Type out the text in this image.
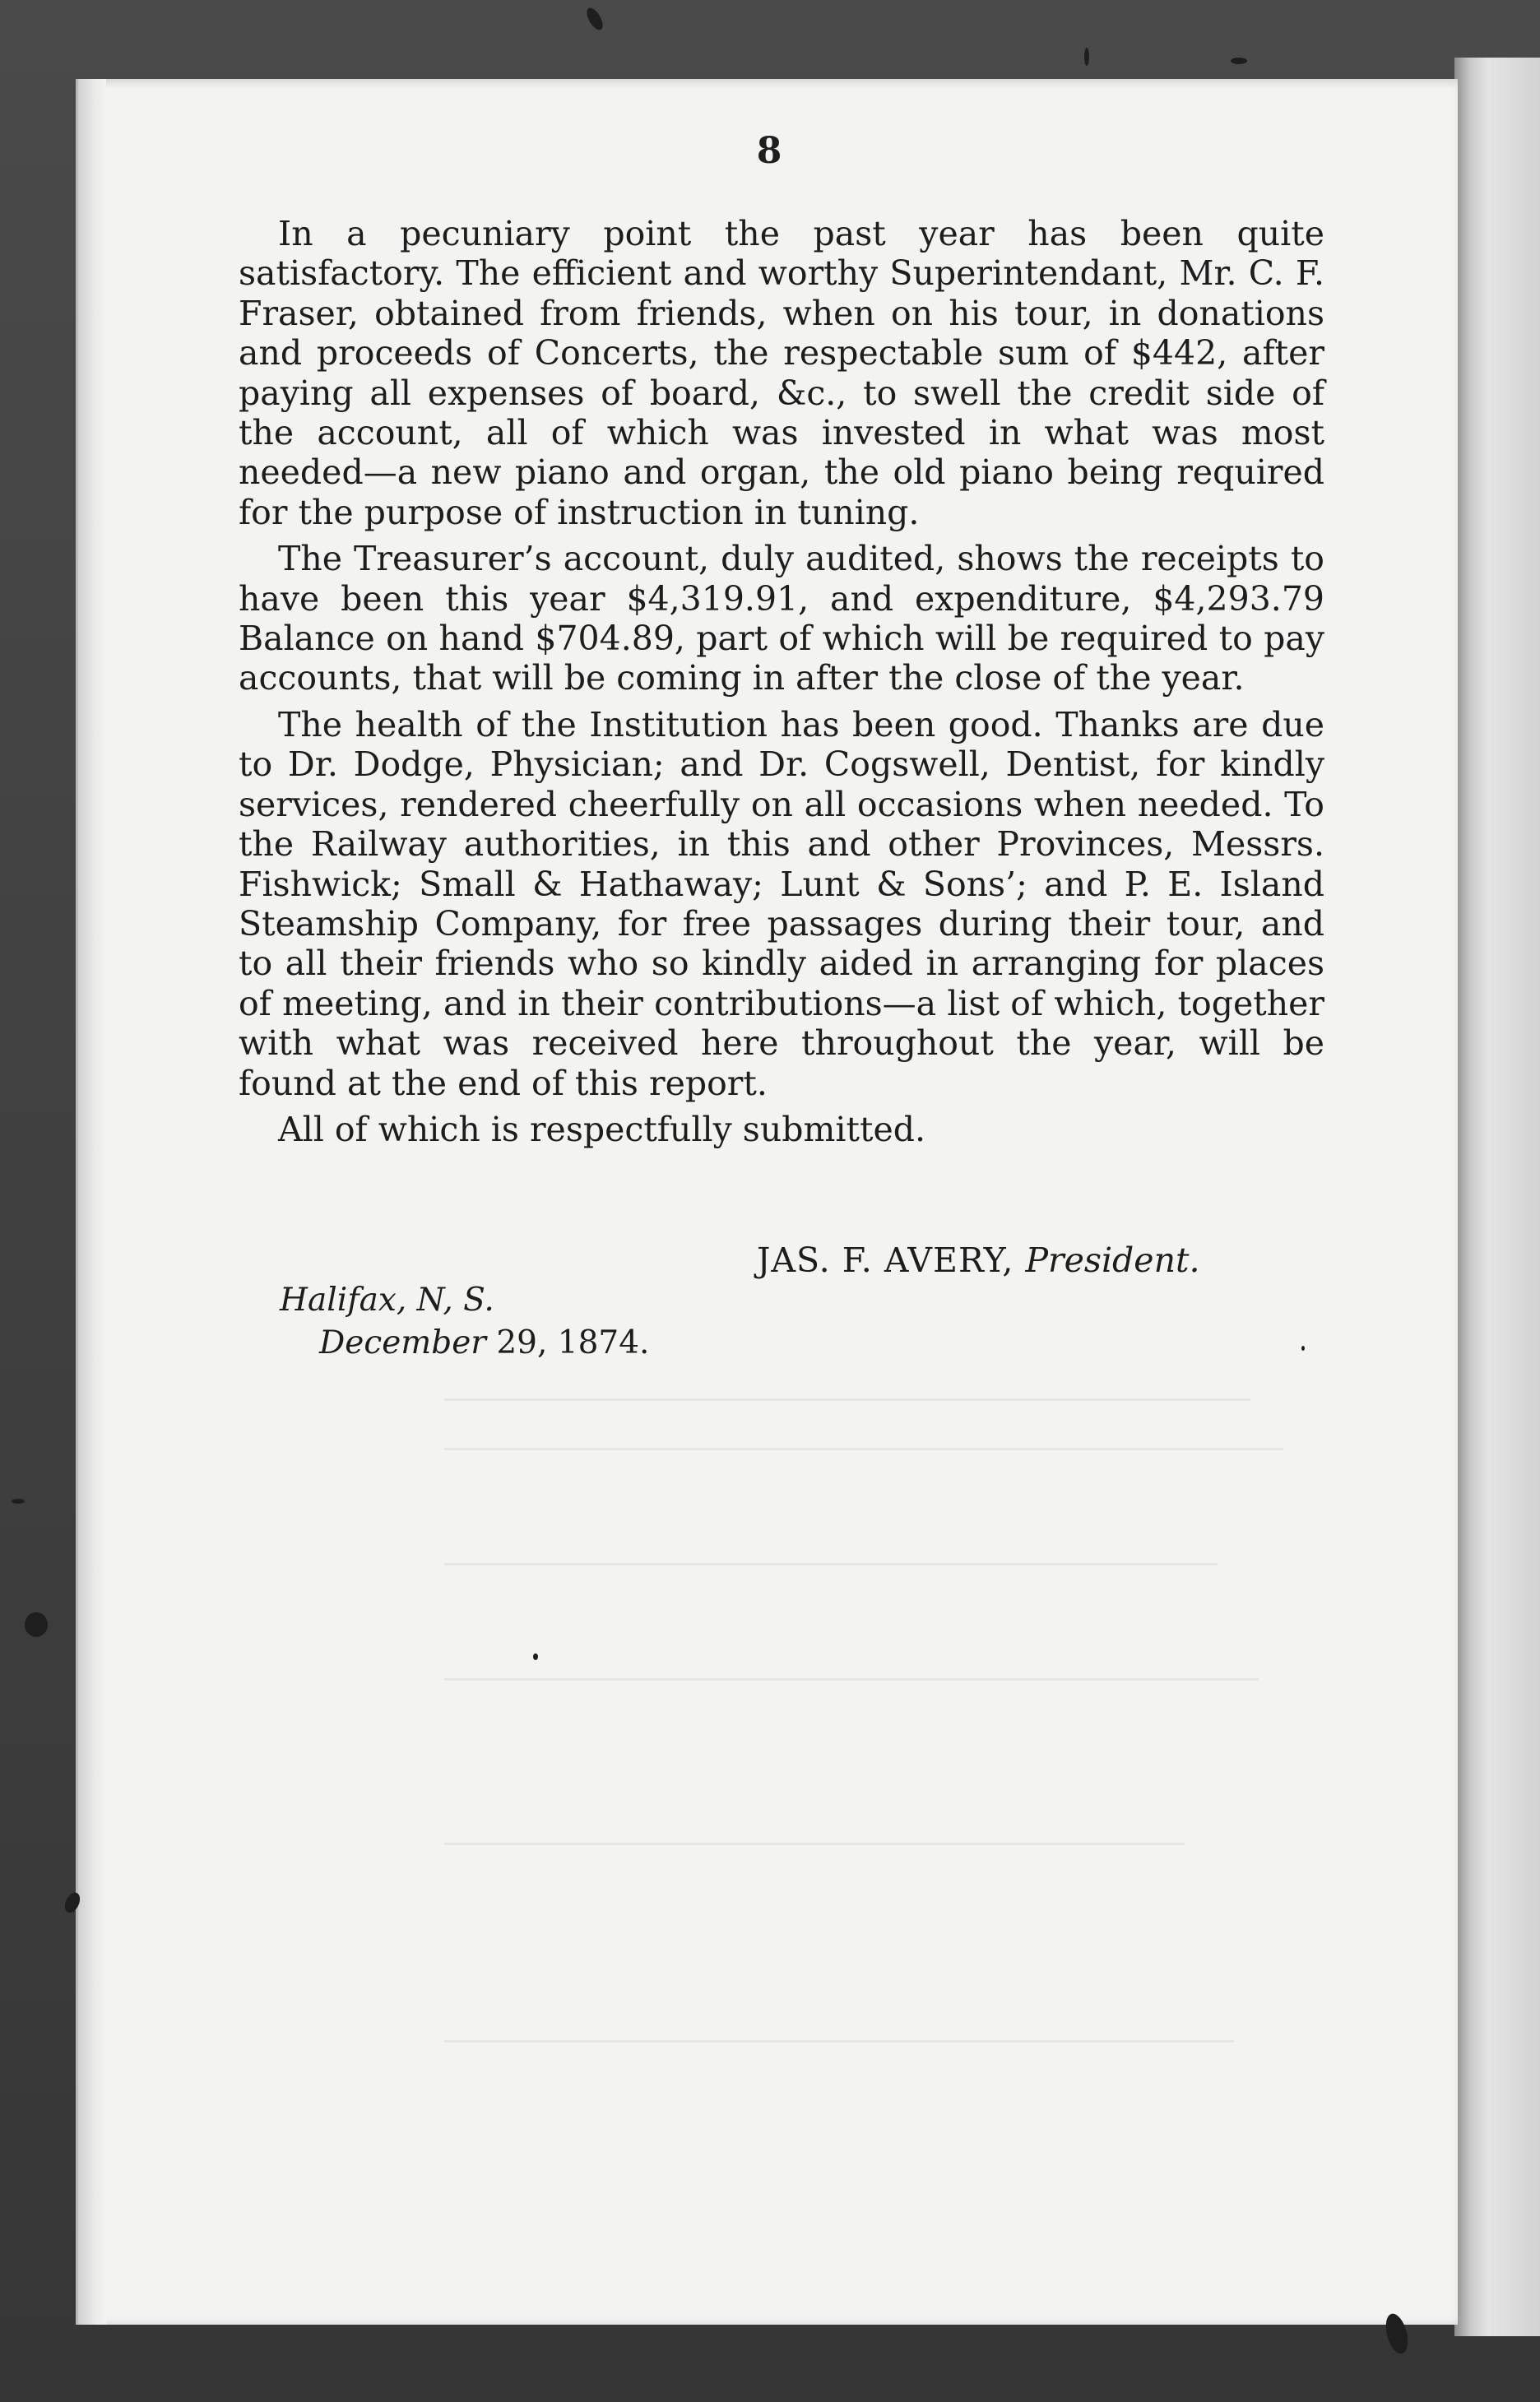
8

In a pecuniary point the past year has been quite satisfactory. The efficient and worthy Superintendant, Mr. C. F. Fraser, obtained from friends, when on his tour, in donations and proceeds of Concerts, the respectable sum of $442, after paying all expenses of board, &c., to swell the credit side of the account, all of which was invested in what was most needed—a new piano and organ, the old piano being required for the purpose of instruction in tuning.

The Treasurer’s account, duly audited, shows the receipts to have been this year $4,319.91, and expenditure, $4,293.79 Balance on hand $704.89, part of which will be required to pay accounts, that will be coming in after the close of the year.

The health of the Institution has been good. Thanks are due to Dr. Dodge, Physician; and Dr. Cogswell, Dentist, for kindly services, rendered cheerfully on all occasions when needed. To the Railway authorities, in this and other Provinces, Messrs. Fishwick; Small & Hathaway; Lunt & Sons’; and P. E. Island Steamship Company, for free passages during their tour, and to all their friends who so kindly aided in arranging for places of meeting, and in their contributions—a list of which, together with what was received here throughout the year, will be found at the end of this report.

All of which is respectfully submitted.

JAS. F. AVERY, President.
Halifax, N, S.
December 29, 1874.
